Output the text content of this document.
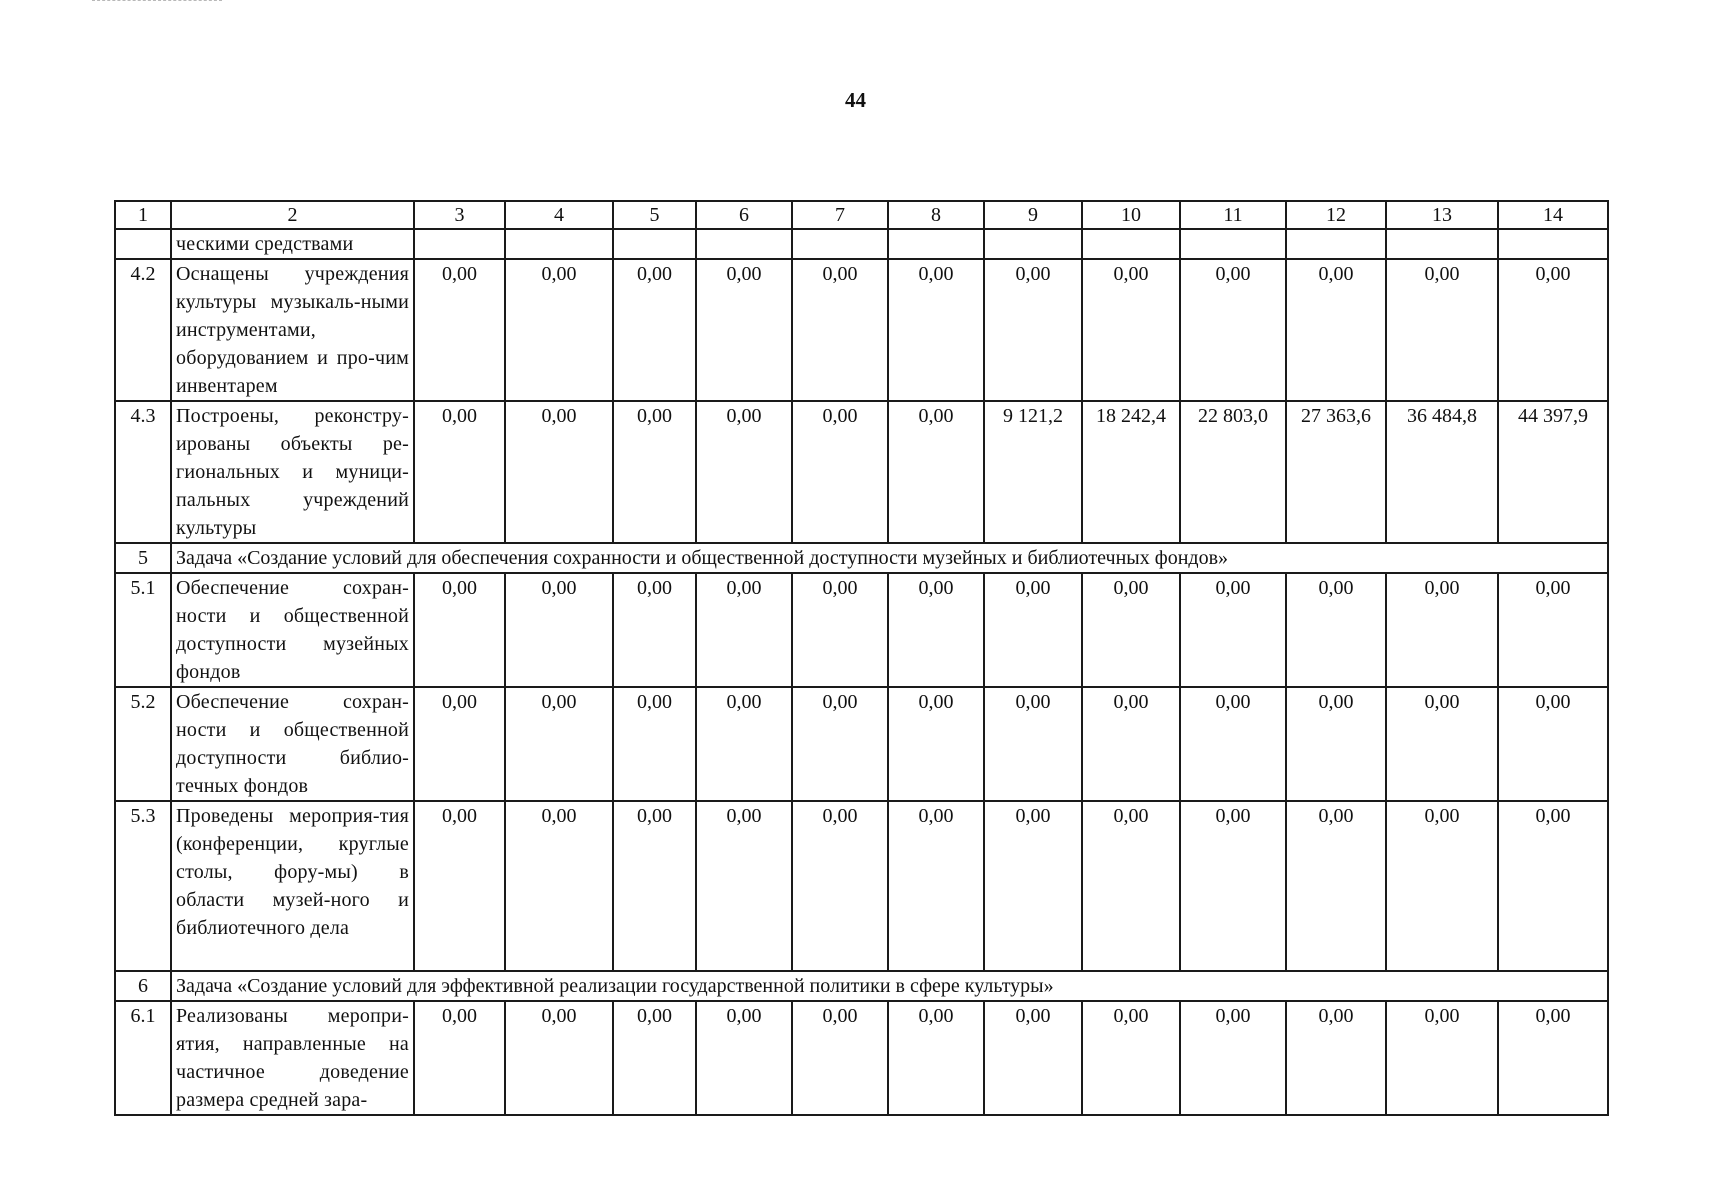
44
1	2	3	4	5	6	7	8	9	10	11	12	13	14
	ческими средствами												
4.2	Оснащены учреждения культуры музыкаль-ными инструментами, оборудованием и про-чим инвентарем	0,00	0,00	0,00	0,00	0,00	0,00	0,00	0,00	0,00	0,00	0,00	0,00
4.3	Построены, реконстру-ированы объекты ре-гиональных и муници-пальных учреждений культуры	0,00	0,00	0,00	0,00	0,00	0,00	9 121,2	18 242,4	22 803,0	27 363,6	36 484,8	44 397,9
5	Задача «Создание условий для обеспечения сохранности и общественной доступности музейных и библиотечных фондов»												
5.1	Обеспечение сохран-ности и общественной доступности музейных фондов	0,00	0,00	0,00	0,00	0,00	0,00	0,00	0,00	0,00	0,00	0,00	0,00
5.2	Обеспечение сохран-ности и общественной доступности библио-течных фондов	0,00	0,00	0,00	0,00	0,00	0,00	0,00	0,00	0,00	0,00	0,00	0,00
5.3	Проведены мероприя-тия (конференции, круглые столы, фору-мы) в области музей-ного и библиотечного дела	0,00	0,00	0,00	0,00	0,00	0,00	0,00	0,00	0,00	0,00	0,00	0,00
6	Задача «Создание условий для эффективной реализации государственной политики в сфере культуры»												
6.1	Реализованы меропри-ятия, направленные на частичное доведение размера средней зара-	0,00	0,00	0,00	0,00	0,00	0,00	0,00	0,00	0,00	0,00	0,00	0,00
